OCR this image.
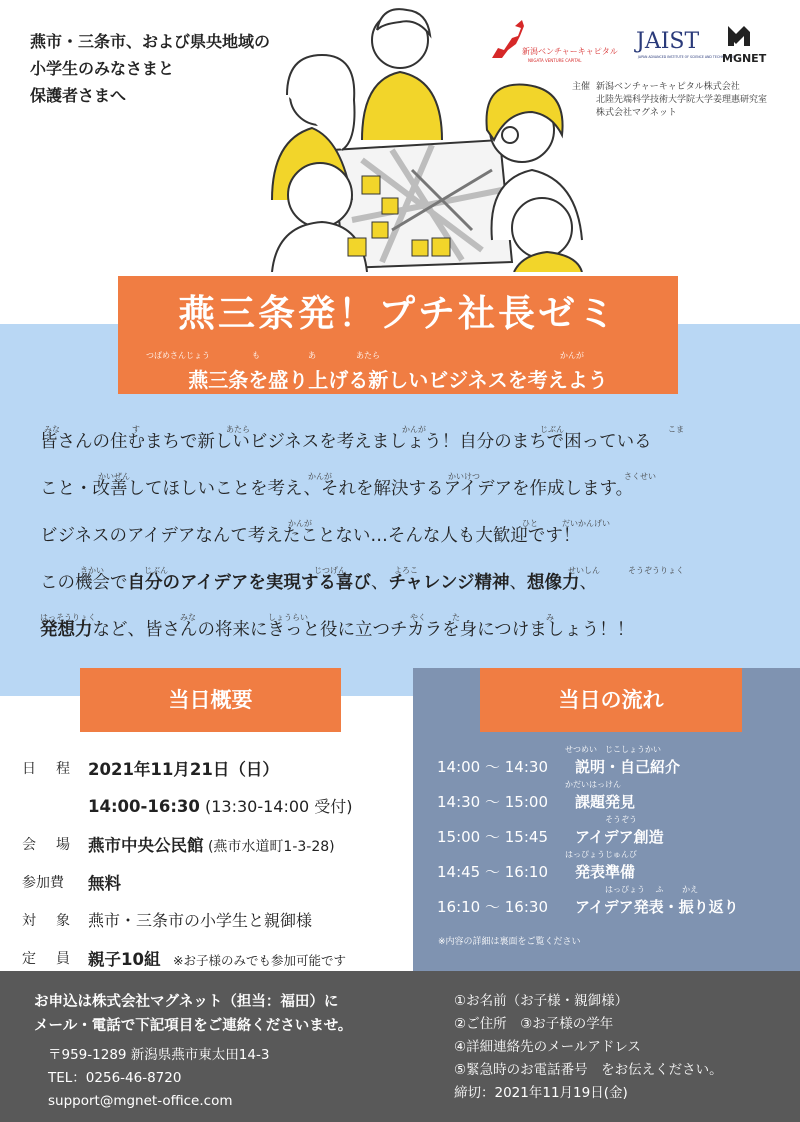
燕市・三条市、および県央地域の
小学生のみなさまと
保護者さまへ
新潟ベンチャーキャピタル
NIIGATA VENTURE CAPITAL
JAIST
JAPAN ADVANCED INSTITUTE OF SCIENCE AND TECHNOLOGY
MGNET
主催 新潟ベンチャーキャピタル株式会社
北陸先端科学技術大学院大学姜理惠研究室
株式会社マグネット
燕三条発！プチ社長ゼミ
つばめさんじょう	も	あ	あたら	かんが
燕三条を盛り上げる新しいビジネスを考えよう
みな	す	あたら	かんが	じぶん	こま
皆さんの住むまちで新しいビジネスを考えましょう！自分のまちで困っている
かいぜん	かんが	かいけつ	さくせい
こと・改善してほしいことを考え、それを解決するアイデアを作成します。
かんが	ひと	だいかんげい
ビジネスのアイデアなんて考えたことない…そんな人も大歓迎です！
きかい	じぶん	じつげん	よろこ	せいしん	そうぞうりょく
この機会で自分のアイデアを実現する喜び、チャレンジ精神、想像力、
はっそうりょく	みな	しょうらい	やく	た	み
発想力など、皆さんの将来にきっと役に立つチカラを身につけましょう！！
当日概要	当日の流れ
日　程 2021年11月21日（日）
14:00-16:30 (13:30-14:00 受付)
会　場 燕市中央公民館 (燕市水道町1-3-28)
参加費	無料
対　象 燕市・三条市の小学生と親御様
定　員 親子10組　※お子様のみでも参加可能です
せつめい　じこしょうかい
14:00 ～ 14:30 説明・自己紹介
かだいはっけん
14:30 ～ 15:00 課題発見
　　　　　そうぞう
15:00 ～ 15:45 アイデア創造
はっぴょうじゅんび
14:45 ～ 16:10 発表準備
　　　　　はっぴょう　 ふ　　 かえ
16:10 ～ 16:30 アイデア発表・振り返り
※内容の詳細は裏面をご覧ください
お申込は株式会社マグネット（担当：福田）に
メール・電話で下記項目をご連絡くださいませ。
〒959-1289 新潟県燕市東太田14-3
TEL：0256-46-8720
support@mgnet-office.com
①お名前（お子様・親御様）
②ご住所　③お子様の学年
④詳細連絡先のメールアドレス
⑤緊急時のお電話番号　をお伝えください。
締切：2021年11月19日(金)
